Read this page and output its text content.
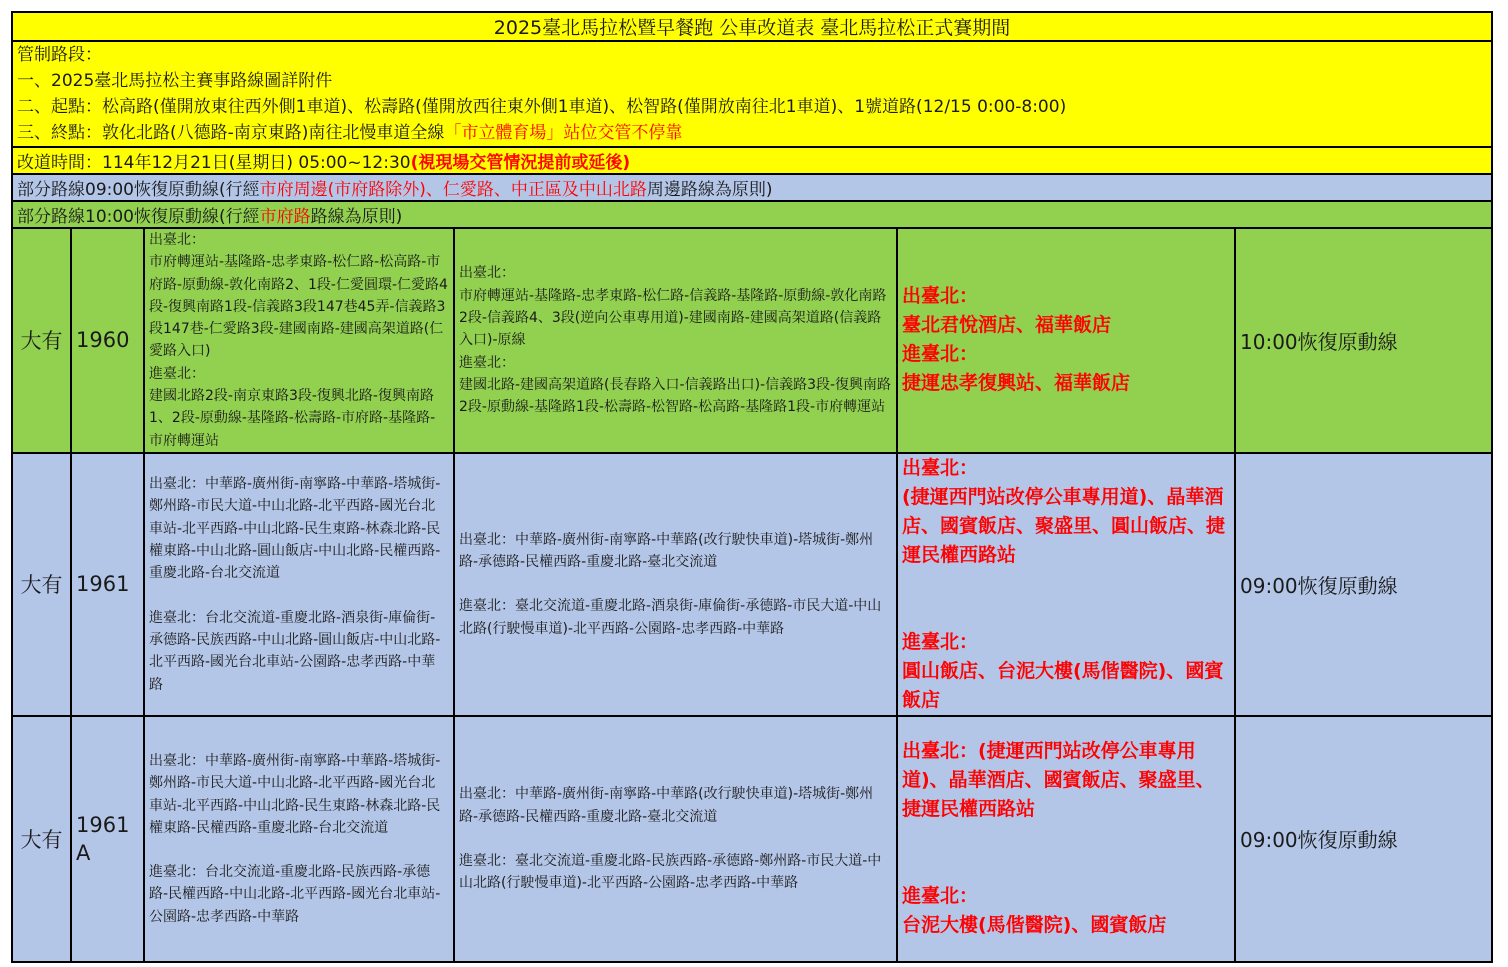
2025臺北馬拉松暨早餐跑 公車改道表 臺北馬拉松正式賽期間					

管制路段：
一、2025臺北馬拉松主賽事路線圖詳附件
二、起點：松高路(僅開放東往西外側1車道)、松壽路(僅開放西往東外側1車道)、松智路(僅開放南往北1車道)、1號道路(12/15 0:00-8:00)
三、終點：敦化北路(八德路-南京東路)南往北慢車道全線「市立體育場」站位交管不停靠					

改道時間：114年12月21日(星期日) 05:00~12:30(視現場交管情況提前或延後)					
部分路線09:00恢復原動線(行經市府周邊(市府路除外)、仁愛路、中正區及中山北路周邊路線為原則)					
部分路線10:00恢復原動線(行經市府路路線為原則)					
大有	1960	出臺北：
市府轉運站-基隆路-忠孝東路-松仁路-松高路-市府路-原動線-敦化南路2、1段-仁愛圓環-仁愛路4段-復興南路1段-信義路3段147巷45弄-信義路3段147巷-仁愛路3段-建國南路-建國高架道路(仁愛路入口)
進臺北：
建國北路2段-南京東路3段-復興北路-復興南路1、2段-原動線-基隆路-松壽路-市府路-基隆路-市府轉運站	出臺北：
市府轉運站-基隆路-忠孝東路-松仁路-信義路-基隆路-原動線-敦化南路2段-信義路4、3段(逆向公車專用道)-建國南路-建國高架道路(信義路入口)-原線
進臺北：
建國北路-建國高架道路(長春路入口-信義路出口)-信義路3段-復興南路2段-原動線-基隆路1段-松壽路-松智路-松高路-基隆路1段-市府轉運站	出臺北：
臺北君悅酒店、福華飯店
進臺北：
捷運忠孝復興站、福華飯店	10:00恢復原動線
大有	1961	出臺北：中華路-廣州街-南寧路-中華路-塔城街-鄭州路-市民大道-中山北路-北平西路-國光台北車站-北平西路-中山北路-民生東路-林森北路-民權東路-中山北路-圓山飯店-中山北路-民權西路-重慶北路-台北交流道
進臺北：台北交流道-重慶北路-酒泉街-庫倫街-承德路-民族西路-中山北路-圓山飯店-中山北路-北平西路-國光台北車站-公園路-忠孝西路-中華路	出臺北：中華路-廣州街-南寧路-中華路(改行駛快車道)-塔城街-鄭州路-承德路-民權西路-重慶北路-臺北交流道
進臺北：臺北交流道-重慶北路-酒泉街-庫倫街-承德路-市民大道-中山北路(行駛慢車道)-北平西路-公園路-忠孝西路-中華路	出臺北：
(捷運西門站改停公車專用道)、晶華酒店、國賓飯店、聚盛里、圓山飯店、捷運民權西路站
進臺北：
圓山飯店、台泥大樓(馬偕醫院)、國賓飯店	09:00恢復原動線
大有	1961 A	出臺北：中華路-廣州街-南寧路-中華路-塔城街-鄭州路-市民大道-中山北路-北平西路-國光台北車站-北平西路-中山北路-民生東路-林森北路-民權東路-民權西路-重慶北路-台北交流道
進臺北：台北交流道-重慶北路-民族西路-承德路-民權西路-中山北路-北平西路-國光台北車站-公園路-忠孝西路-中華路	出臺北：中華路-廣州街-南寧路-中華路(改行駛快車道)-塔城街-鄭州路-承德路-民權西路-重慶北路-臺北交流道
進臺北：臺北交流道-重慶北路-民族西路-承德路-鄭州路-市民大道-中山北路(行駛慢車道)-北平西路-公園路-忠孝西路-中華路	出臺北：(捷運西門站改停公車專用道)、晶華酒店、國賓飯店、聚盛里、捷運民權西路站
進臺北：
台泥大樓(馬偕醫院)、國賓飯店	09:00恢復原動線
